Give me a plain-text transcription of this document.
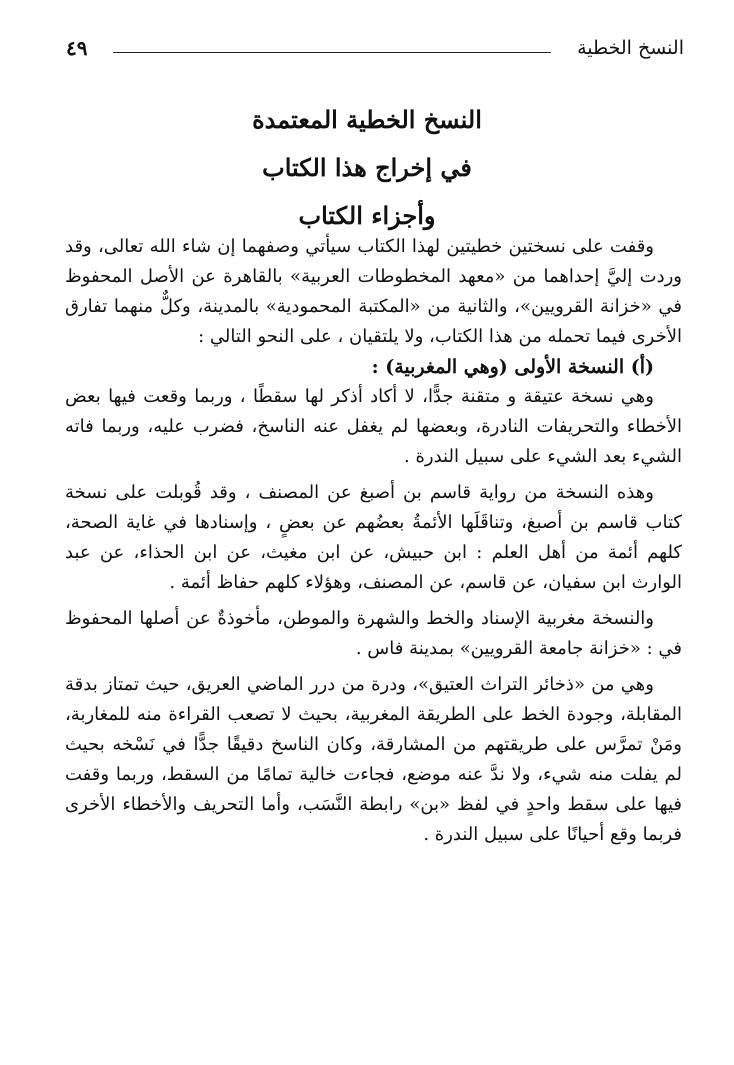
النسخ الخطية
٤٩
النسخ الخطية المعتمدة
في إخراج هذا الكتاب
وأجزاء الكتاب

وقفت على نسختين خطيتين لهذا الكتاب سيأتي وصفهما إن شاء الله تعالى، وقد وردت إليَّ إحداهما من «معهد المخطوطات العربية» بالقاهرة عن الأصل المحفوظ في «خزانة القرويين»، والثانية من «المكتبة المحمودية» بالمدينة، وكلٌّ منهما تفارق الأخرى فيما تحمله من هذا الكتاب، ولا يلتقيان ، على النحو التالي :

(أ) النسخة الأولى (وهي المغربية) :

وهي نسخة عتيقة و متقنة جدًّا، لا أكاد أذكر لها سقطًا ، وربما وقعت فيها بعض الأخطاء والتحريفات النادرة، وبعضها لم يغفل عنه الناسخ، فضرب عليه، وربما فاته الشيء بعد الشيء على سبيل الندرة .

وهذه النسخة من رواية قاسم بن أصبغ عن المصنف ، وقد قُوبلت على نسخة كتاب قاسم بن أصبغ، وتناقَلَها الأئمةُ بعضُهم عن بعضٍ ، وإسنادها في غاية الصحة، كلهم أئمة من أهل العلم : ابن حبيش، عن ابن مغيث، عن ابن الحذاء، عن عبد الوارث ابن سفيان، عن قاسم، عن المصنف، وهؤلاء كلهم حفاظ أئمة .

والنسخة مغربية الإسناد والخط والشهرة والموطن، مأخوذةٌ عن أصلها المحفوظ في : «خزانة جامعة القرويين» بمدينة فاس .

وهي من «ذخائر التراث العتيق»، ودرة من درر الماضي العريق، حيث تمتاز بدقة المقابلة، وجودة الخط على الطريقة المغربية، بحيث لا تصعب القراءة منه للمغاربة، ومَنْ تمرَّس على طريقتهم من المشارقة، وكان الناسخ دقيقًا جدًّا في نَسْخه بحيث لم يفلت منه شيء، ولا ندَّ عنه موضع، فجاءت خالية تمامًا من السقط، وربما وقفت فيها على سقط واحدٍ في لفظ «بن» رابطة النَّسَب، وأما التحريف والأخطاء الأخرى فربما وقع أحيانًا على سبيل الندرة .
